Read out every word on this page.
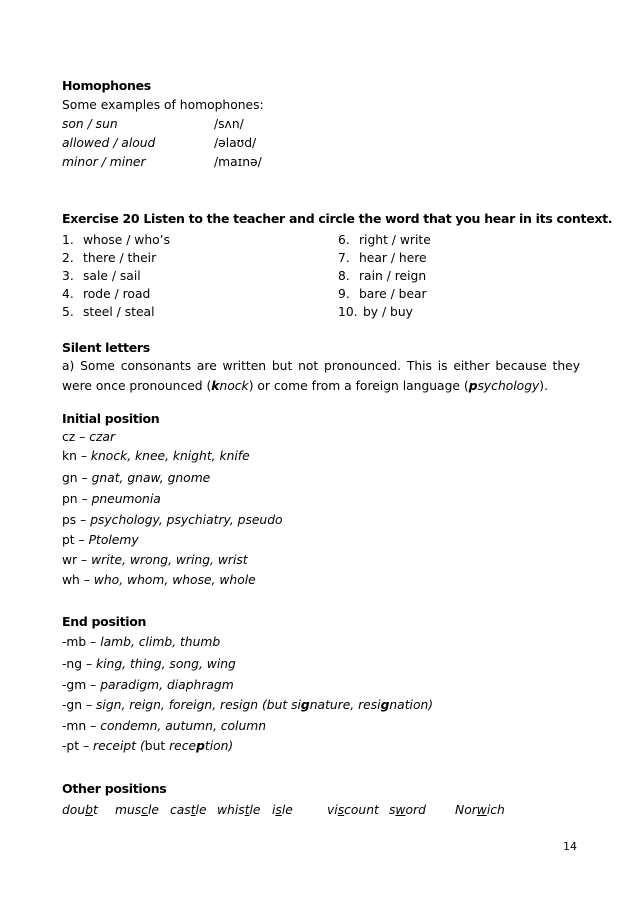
Homophones
Some examples of homophones:
son / sun	/sʌn/
allowed / aloud	/əlaʊd/
minor / miner	/maɪnə/
Exercise 20 Listen to the teacher and circle the word that you hear in its context.
1. whose / who’s
2. there / their
3. sale / sail
4. rode / road
5. steel / steal
6. right / write
7. hear / here
8. rain / reign
9. bare / bear
10. by / buy
Silent letters
a) Some consonants are written but not pronounced. This is either because they were once pronounced (knock) or come from a foreign language (psychology).
Initial position
cz – czar
kn – knock, knee, knight, knife
gn – gnat, gnaw, gnome
pn – pneumonia
ps – psychology, psychiatry, pseudo
pt – Ptolemy
wr – write, wrong, wring, wrist
wh – who, whom, whose, whole
End position
-mb – lamb, climb, thumb
-ng – king, thing, song, wing
-gm – paradigm, diaphragm
-gn – sign, reign, foreign, resign (but signature, resignation)
-mn – condemn, autumn, column
-pt – receipt (but reception)
Other positions
doubt muscle castle whistle isle	viscount sword Norwich
14
